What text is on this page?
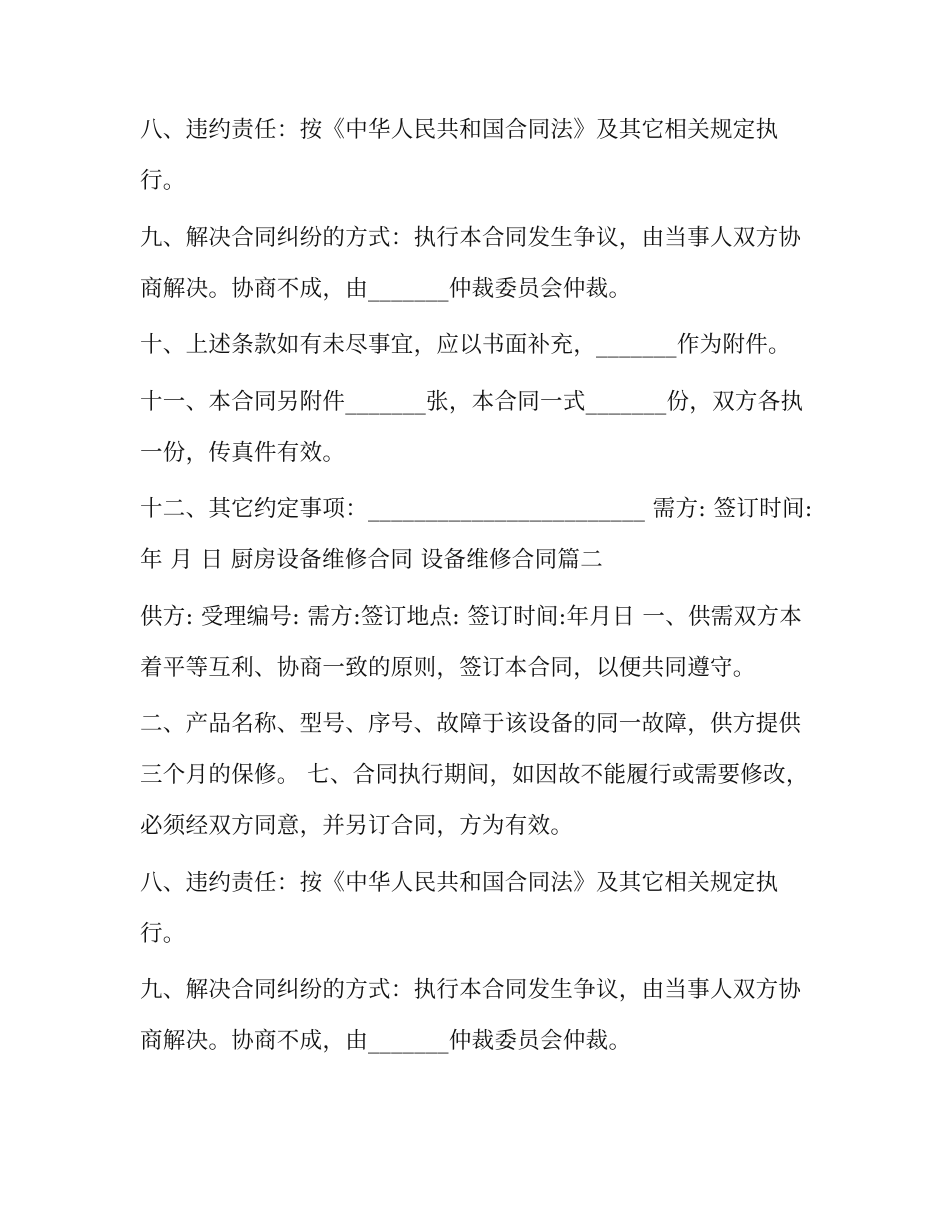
八、违约责任：按《中华人民共和国合同法》及其它相关规定执行。

九、解决合同纠纷的方式：执行本合同发生争议，由当事人双方协商解决。协商不成，由_______仲裁委员会仲裁。

十、上述条款如有未尽事宜，应以书面补充，_______作为附件。

十一、本合同另附件_______张，本合同一式_______份，双方各执一份，传真件有效。

十二、其它约定事项：________________________ 需方: 签订时间: 年 月 日 厨房设备维修合同 设备维修合同篇二

供方: 受理编号: 需方:签订地点: 签订时间:年月日 一、供需双方本着平等互利、协商一致的原则，签订本合同，以便共同遵守。

二、产品名称、型号、序号、故障于该设备的同一故障，供方提供三个月的保修。 七、合同执行期间，如因故不能履行或需要修改，必须经双方同意，并另订合同，方为有效。

八、违约责任：按《中华人民共和国合同法》及其它相关规定执行。

九、解决合同纠纷的方式：执行本合同发生争议，由当事人双方协商解决。协商不成，由_______仲裁委员会仲裁。
